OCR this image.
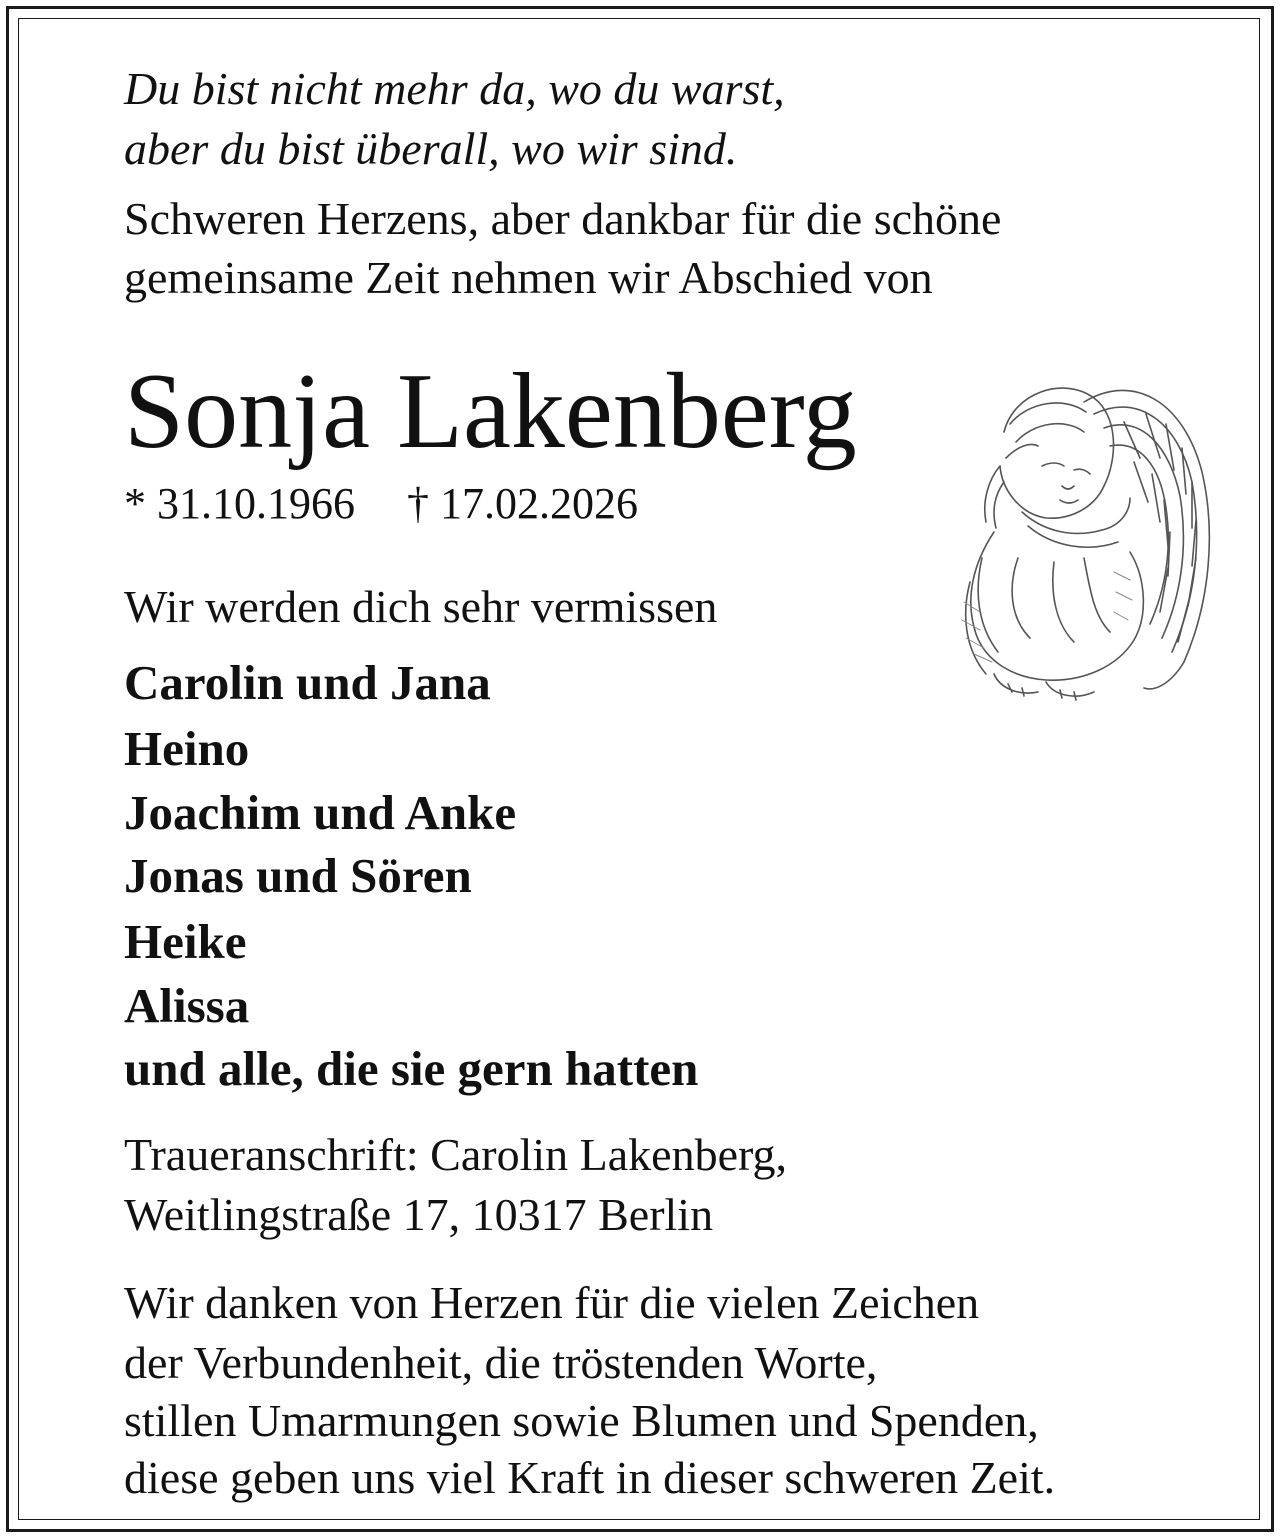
Du bist nicht mehr da, wo du warst,
aber du bist überall, wo wir sind.
Schweren Herzens, aber dankbar für die schöne
gemeinsame Zeit nehmen wir Abschied von
Sonja Lakenberg
* 31.10.1966 † 17.02.2026
Wir werden dich sehr vermissen
Carolin und Jana
Heino
Joachim und Anke
Jonas und Sören
Heike
Alissa
und alle, die sie gern hatten
Traueranschrift: Carolin Lakenberg,
Weitlingstraße 17, 10317 Berlin
Wir danken von Herzen für die vielen Zeichen
der Verbundenheit, die tröstenden Worte,
stillen Umarmungen sowie Blumen und Spenden,
diese geben uns viel Kraft in dieser schweren Zeit.
